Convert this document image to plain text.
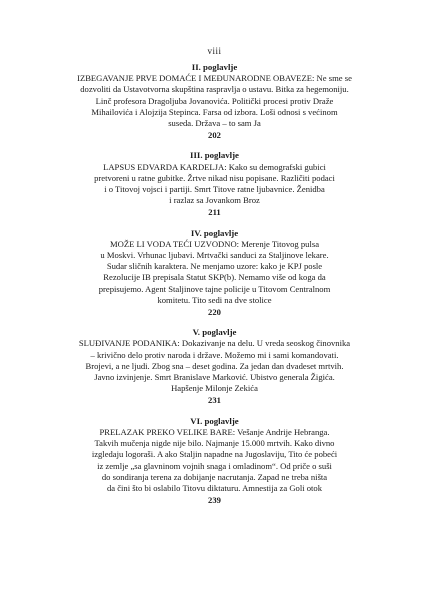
viii
II. poglavlje
IZBEGAVANJE PRVE DOMAĆE I MEĐUNARODNE OBAVEZE: Ne sme se
dozvoliti da Ustavotvorna skupština raspravlja o ustavu. Bitka za hegemoniju.
Linč profesora Dragoljuba Jovanovića. Politički procesi protiv Draže
Mihailovića i Alojzija Stepinca. Farsa od izbora. Loši odnosi s većinom
suseda. Država – to sam Ja
202
III. poglavlje
LAPSUS EDVARDA KARDELJA: Kako su demografski gubici
pretvoreni u ratne gubitke. Žrtve nikad nisu popisane. Različiti podaci
i o Titovoj vojsci i partiji. Smrt Titove ratne ljubavnice. Ženidba
i razlaz sa Jovankom Broz
211
IV. poglavlje
MOŽE LI VODA TEĆI UZVODNO: Merenje Titovog pulsa
u Moskvi. Vrhunac ljubavi. Mrtvački sanduci za Staljinove lekare.
Sudar sličnih karaktera. Ne menjamo uzore: kako je KPJ posle
Rezolucije IB prepisala Statut SKP(b). Nemamo više od koga da
prepisujemo. Agent Staljinove tajne policije u Titovom Centralnom
komitetu. Tito sedi na dve stolice
220
V. poglavlje
SLUĐIVANJE PODANIKA: Dokazivanje na delu. U vreda seoskog činovnika
– krivično delo protiv naroda i države. Možemo mi i sami komandovati.
Brojevi, a ne ljudi. Zbog sna – deset godina. Za jedan dan dvadeset mrtvih.
Javno izvinjenje. Smrt Branislave Marković. Ubistvo generala Žigića.
Hapšenje Milonje Zekića
231
VI. poglavlje
PRELAZAK PREKO VELIKE BARE: Vešanje Andrije Hebranga.
Takvih mučenja nigde nije bilo. Najmanje 15.000 mrtvih. Kako divno
izgledaju logoraši. A ako Staljin napadne na Jugoslaviju, Tito će pobeći
iz zemlje „sa glavninom vojnih snaga i omladinom“. Od priče o suši
do sondiranja terena za dobijanje nacrutanja. Zapad ne treba ništa
da čini što bi oslabilo Titovu diktaturu. Amnestija za Goli otok
239
